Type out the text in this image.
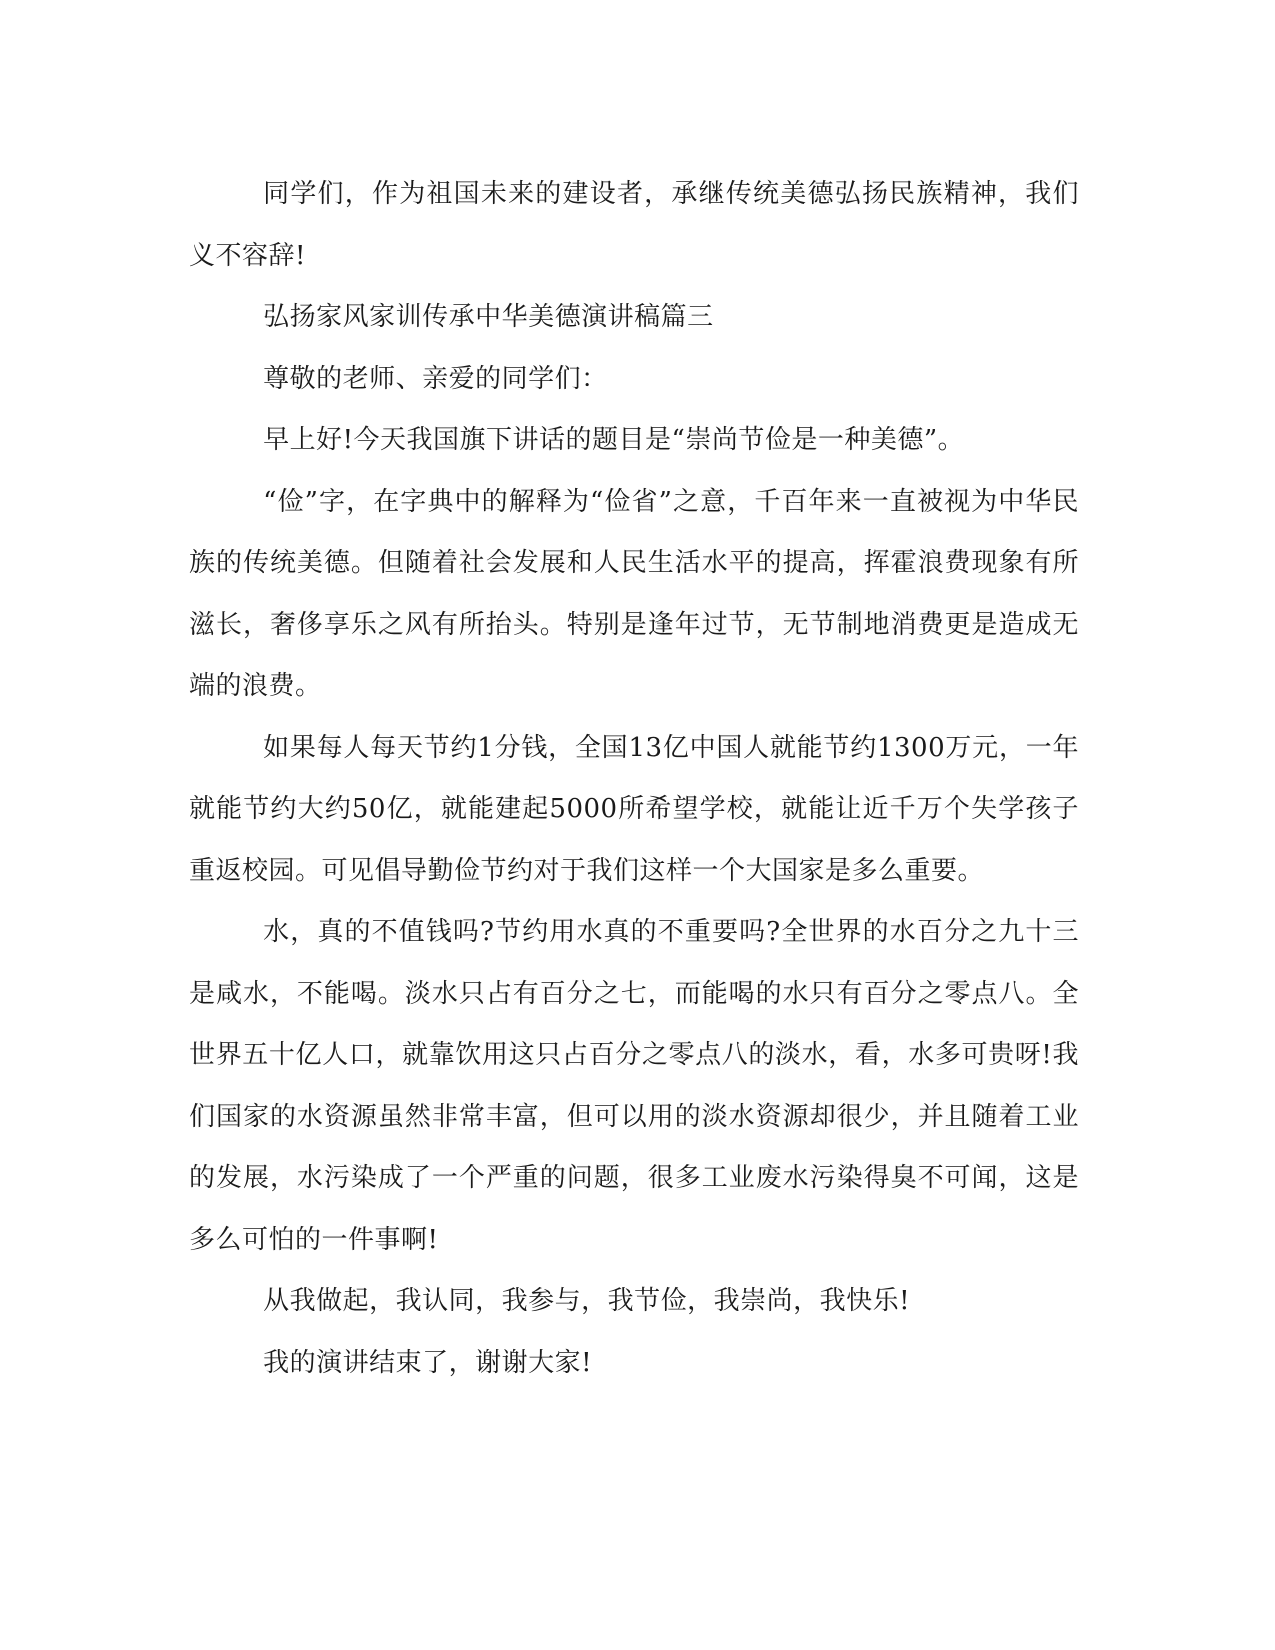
同学们，作为祖国未来的建设者，承继传统美德弘扬民族精神，我们义不容辞!

弘扬家风家训传承中华美德演讲稿篇三

尊敬的老师、亲爱的同学们：

早上好!今天我国旗下讲话的题目是“崇尚节俭是一种美德”。

“俭”字，在字典中的解释为“俭省”之意，千百年来一直被视为中华民族的传统美德。但随着社会发展和人民生活水平的提高，挥霍浪费现象有所滋长，奢侈享乐之风有所抬头。特别是逢年过节，无节制地消费更是造成无端的浪费。

如果每人每天节约1分钱，全国13亿中国人就能节约1300万元，一年就能节约大约50亿，就能建起5000所希望学校，就能让近千万个失学孩子重返校园。可见倡导勤俭节约对于我们这样一个大国家是多么重要。

水，真的不值钱吗?节约用水真的不重要吗?全世界的水百分之九十三是咸水，不能喝。淡水只占有百分之七，而能喝的水只有百分之零点八。全世界五十亿人口，就靠饮用这只占百分之零点八的淡水，看，水多可贵呀!我们国家的水资源虽然非常丰富，但可以用的淡水资源却很少，并且随着工业的发展，水污染成了一个严重的问题，很多工业废水污染得臭不可闻，这是多么可怕的一件事啊!

从我做起，我认同，我参与，我节俭，我崇尚，我快乐!

我的演讲结束了，谢谢大家!
